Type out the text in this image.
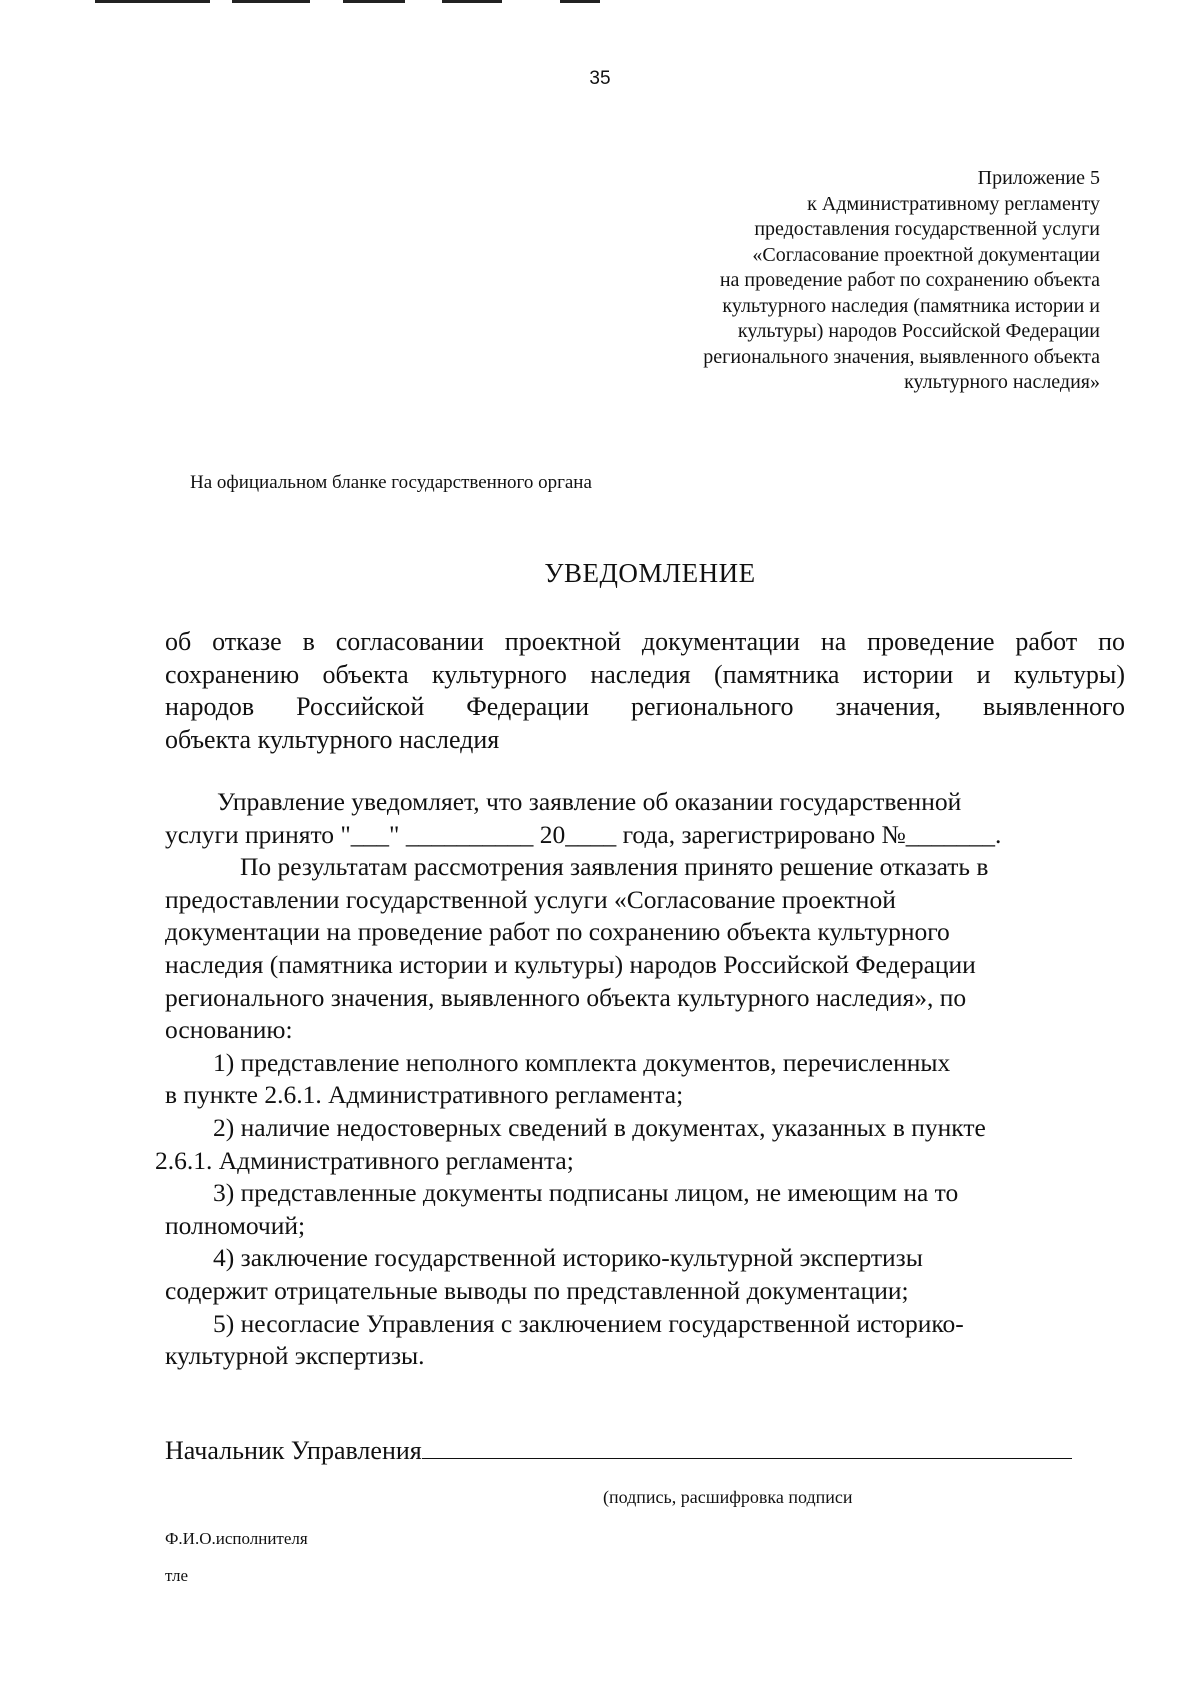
35
Приложение 5
к Административному регламенту
предоставления государственной услуги
«Согласование проектной документации
на проведение работ по сохранению объекта
культурного наследия (памятника истории и
культуры) народов Российской Федерации
регионального значения, выявленного объекта
культурного наследия»
На официальном бланке государственного органа
УВЕДОМЛЕНИЕ
об отказе в согласовании проектной документации на проведение работ по
сохранению объекта культурного наследия (памятника истории и культуры)
народов Российской Федерации регионального значения, выявленного
объекта культурного наследия
Управление уведомляет, что заявление об оказании государственной
услуги принято "___" __________ 20____ года, зарегистрировано №_______.
По результатам рассмотрения заявления принято решение отказать в
предоставлении государственной услуги «Согласование проектной
документации на проведение работ по сохранению объекта культурного
наследия (памятника истории и культуры) народов Российской Федерации
регионального значения, выявленного объекта культурного наследия», по
основанию:
1) представление неполного комплекта документов, перечисленных
в пункте 2.6.1. Административного регламента;
2) наличие недостоверных сведений в документах, указанных в пункте
2.6.1. Административного регламента;
3) представленные документы подписаны лицом, не имеющим на то
полномочий;
4) заключение государственной историко-культурной экспертизы
содержит отрицательные выводы по представленной документации;
5) несогласие Управления с заключением государственной историко-
культурной экспертизы.
Начальник Управления
(подпись, расшифровка подписи
Ф.И.О.исполнителя
тле
